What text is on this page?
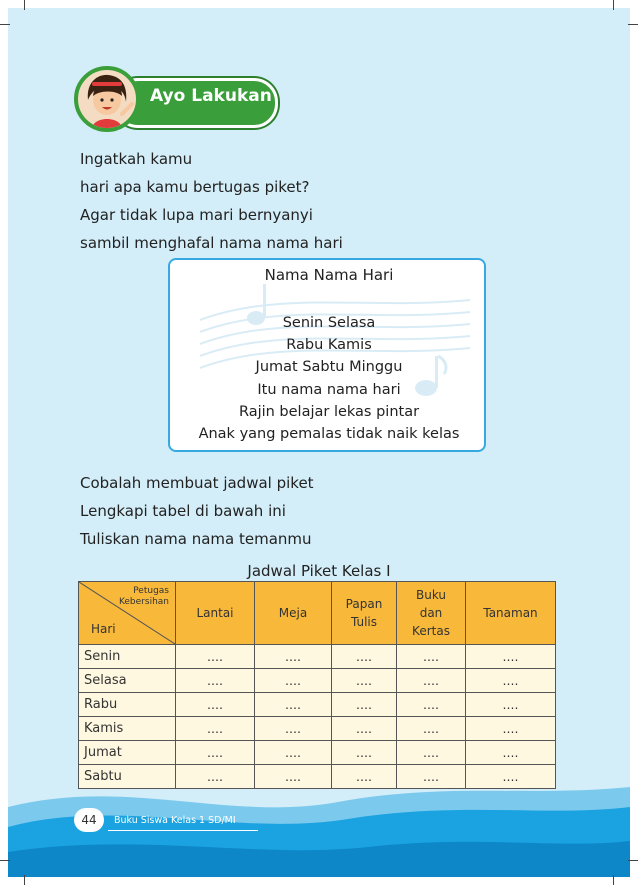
Ayo Lakukan
Ingatkah kamu
hari apa kamu bertugas piket?
Agar tidak lupa mari bernyanyi
sambil menghafal nama nama hari
Nama Nama Hari
Senin Selasa
Rabu Kamis
Jumat Sabtu Minggu
Itu nama nama hari
Rajin belajar lekas pintar
Anak yang pemalas tidak naik kelas
Cobalah membuat jadwal piket
Lengkapi tabel di bawah ini
Tuliskan nama nama temanmu
Jadwal Piket Kelas I
Petugas
Kebersihan
Hari	Lantai	Meja	Papan Tulis	Buku dan Kertas	Tanaman
Senin	....	....	....	....	....
Selasa	....	....	....	....	....
Rabu	....	....	....	....	....
Kamis	....	....	....	....	....
Jumat	....	....	....	....	....
Sabtu	....	....	....	....	....
44	Buku Siswa Kelas 1 SD/MI
